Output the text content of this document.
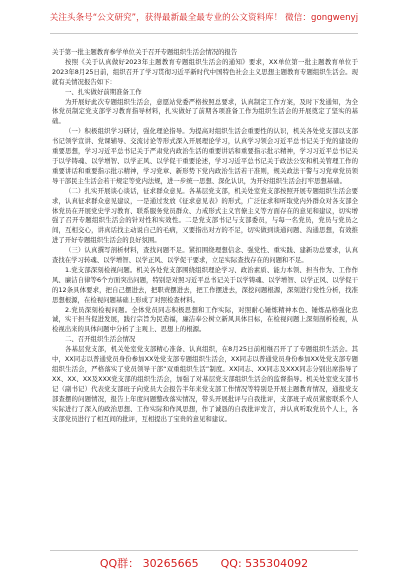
关注头条号“公文研究”，获得最新最全最专业的公文资料库！ 微信：gongwenyj

关于第一批主题教育参学单位关于召开专题组织生活会情况的报告

按照《关于认真做好2023年主题教育专题组织生活会的通知》要求，XX单位第一批主题教育单位于2023年8月25日前，组织召开了学习贯彻习近平新时代中国特色社会主义思想主题教育专题组织生活会。现就有关情况报告如下：

一、扎实做好前期准备工作

为开展好此次专题组织生活会，意愿站党委严格按照总要求，认真制定工作方案，及时下发通知，为全体党员制定党支部学习教育指导材料，扎实做好了前期各项准备工作为组织生活会的开展奠定了坚实的基础。

（一）积极组织学习研讨，强化理论指导。为提高对组织生活会重要性的认识，机关各处党支部以支部书记领学宣讲、党课辅导、交流讨论等形式深入开展理论学习，认真学习领会习近平总书记关于党的建设的重要思想，学习习近平总书记关于严肃党内政治生活的重要讲话和重要指示批示精神，学习习近平总书记关于以学铸魂、以学增智、以学正风、以学促干重要论述，学习习近平总书记关于政法公安和机关管理工作的重要讲话和重要指示批示精神，学习党章、新形势下党内政治生活若干准则，规关政法干警与习党章党员领导干部民主生活会若干规定等党内法规，进一步统一思想、深化认识，为开好组织生活会打牢思想基础。

（二）扎实开展谈心谈话，征求群众意见。各基层党支部，机关处室党支部按照开展专题组织生活会要求，认真征求群众意见建议，一是通过发放《征求意见表》的形式，广泛征求和听取党内外群众对各支部全体党员在开展党史学习教育、联系服务党员群众、力戒形式主义官僚主义等方面存在的意见和建议，切实增强了召开专题组织生活会的针对性和实效性。二是党支部书记与支部委员，与每一名党员，党员与党员之间，互相交心，讲真话找主动说自己的毛病，又要指出对方的不足，切实做到谈通问题、沟通思想，有效推进了开好专题组织生活会的良好氛围。

（三）认真撰写剖析材料，查找问题不足。紧扣围绕理想信念、强党性、重实践、建新功总要求，认真查找在学习转魂、以学增智、以学正风、以学促干要求，立足实际查找存在的问题和不足。

1.党支部深刻检视问题。机关各处党支部围绕组织理论学习、政治素质、能力本领、担当作为、工作作风、廉洁自律等6个方面突出问题，特别是对照习近平总书记关于以学铸魂、以学增智、以学正风、以学促干的12条具体要求，把自己摆进去，把职责摆进去，把工作摆进去，深挖问题根源，深刻进行党性分析，找准思想根源，在检视问题基础上形成了对照检查材料。

2.党员深刻检视问题。全体党员同志积极思想和工作实际，对照耐心锤炼精神本色、锤炼品格强化忠诚，实干担当促进发展，践行宗旨为民造福，廉洁奉公树立新风具体目标，在检视问题上深刻剖析检视，从检视出来的具体问题中分析了主观上、思想上的根源。

二、召开组织生活会情况

各基层党支部，机关处室党支部精心准备、认真组织，在8月25日前相继召开了了专题组织生活会。其中，XX同志以普通党员身份参加XX处党支部专题组织生活会，XX同志以普通党员身份参加XX处党支部专题组织生活会，严格落实了党员领导干部“双重组织生活”制度。XX同志、XX同志及XXX同志分别出席指导了XX、XX、XX及XXX党支部的组织生活会，加强了对基层党支部组织生活会的监督指导。机关处室党支部书记（副书记）代表党支部班子向党员大会报告半年来党支部工作情况等特别是开展主题教育情况，通报党支部查摆的问题情况，报告上年度问题整改落实情况，带头开展批评与自我批评，支部班子成员紧密联系个人实际进行了深入的政治思想、工作实际和作风思想，作了诚恳的自我批评发言，并认真听取党员个人上，各支部党员进行了相互间的批评，互相提出了宝贵的意见和建议。

QQ群： 30265665 QQ: 535304092
